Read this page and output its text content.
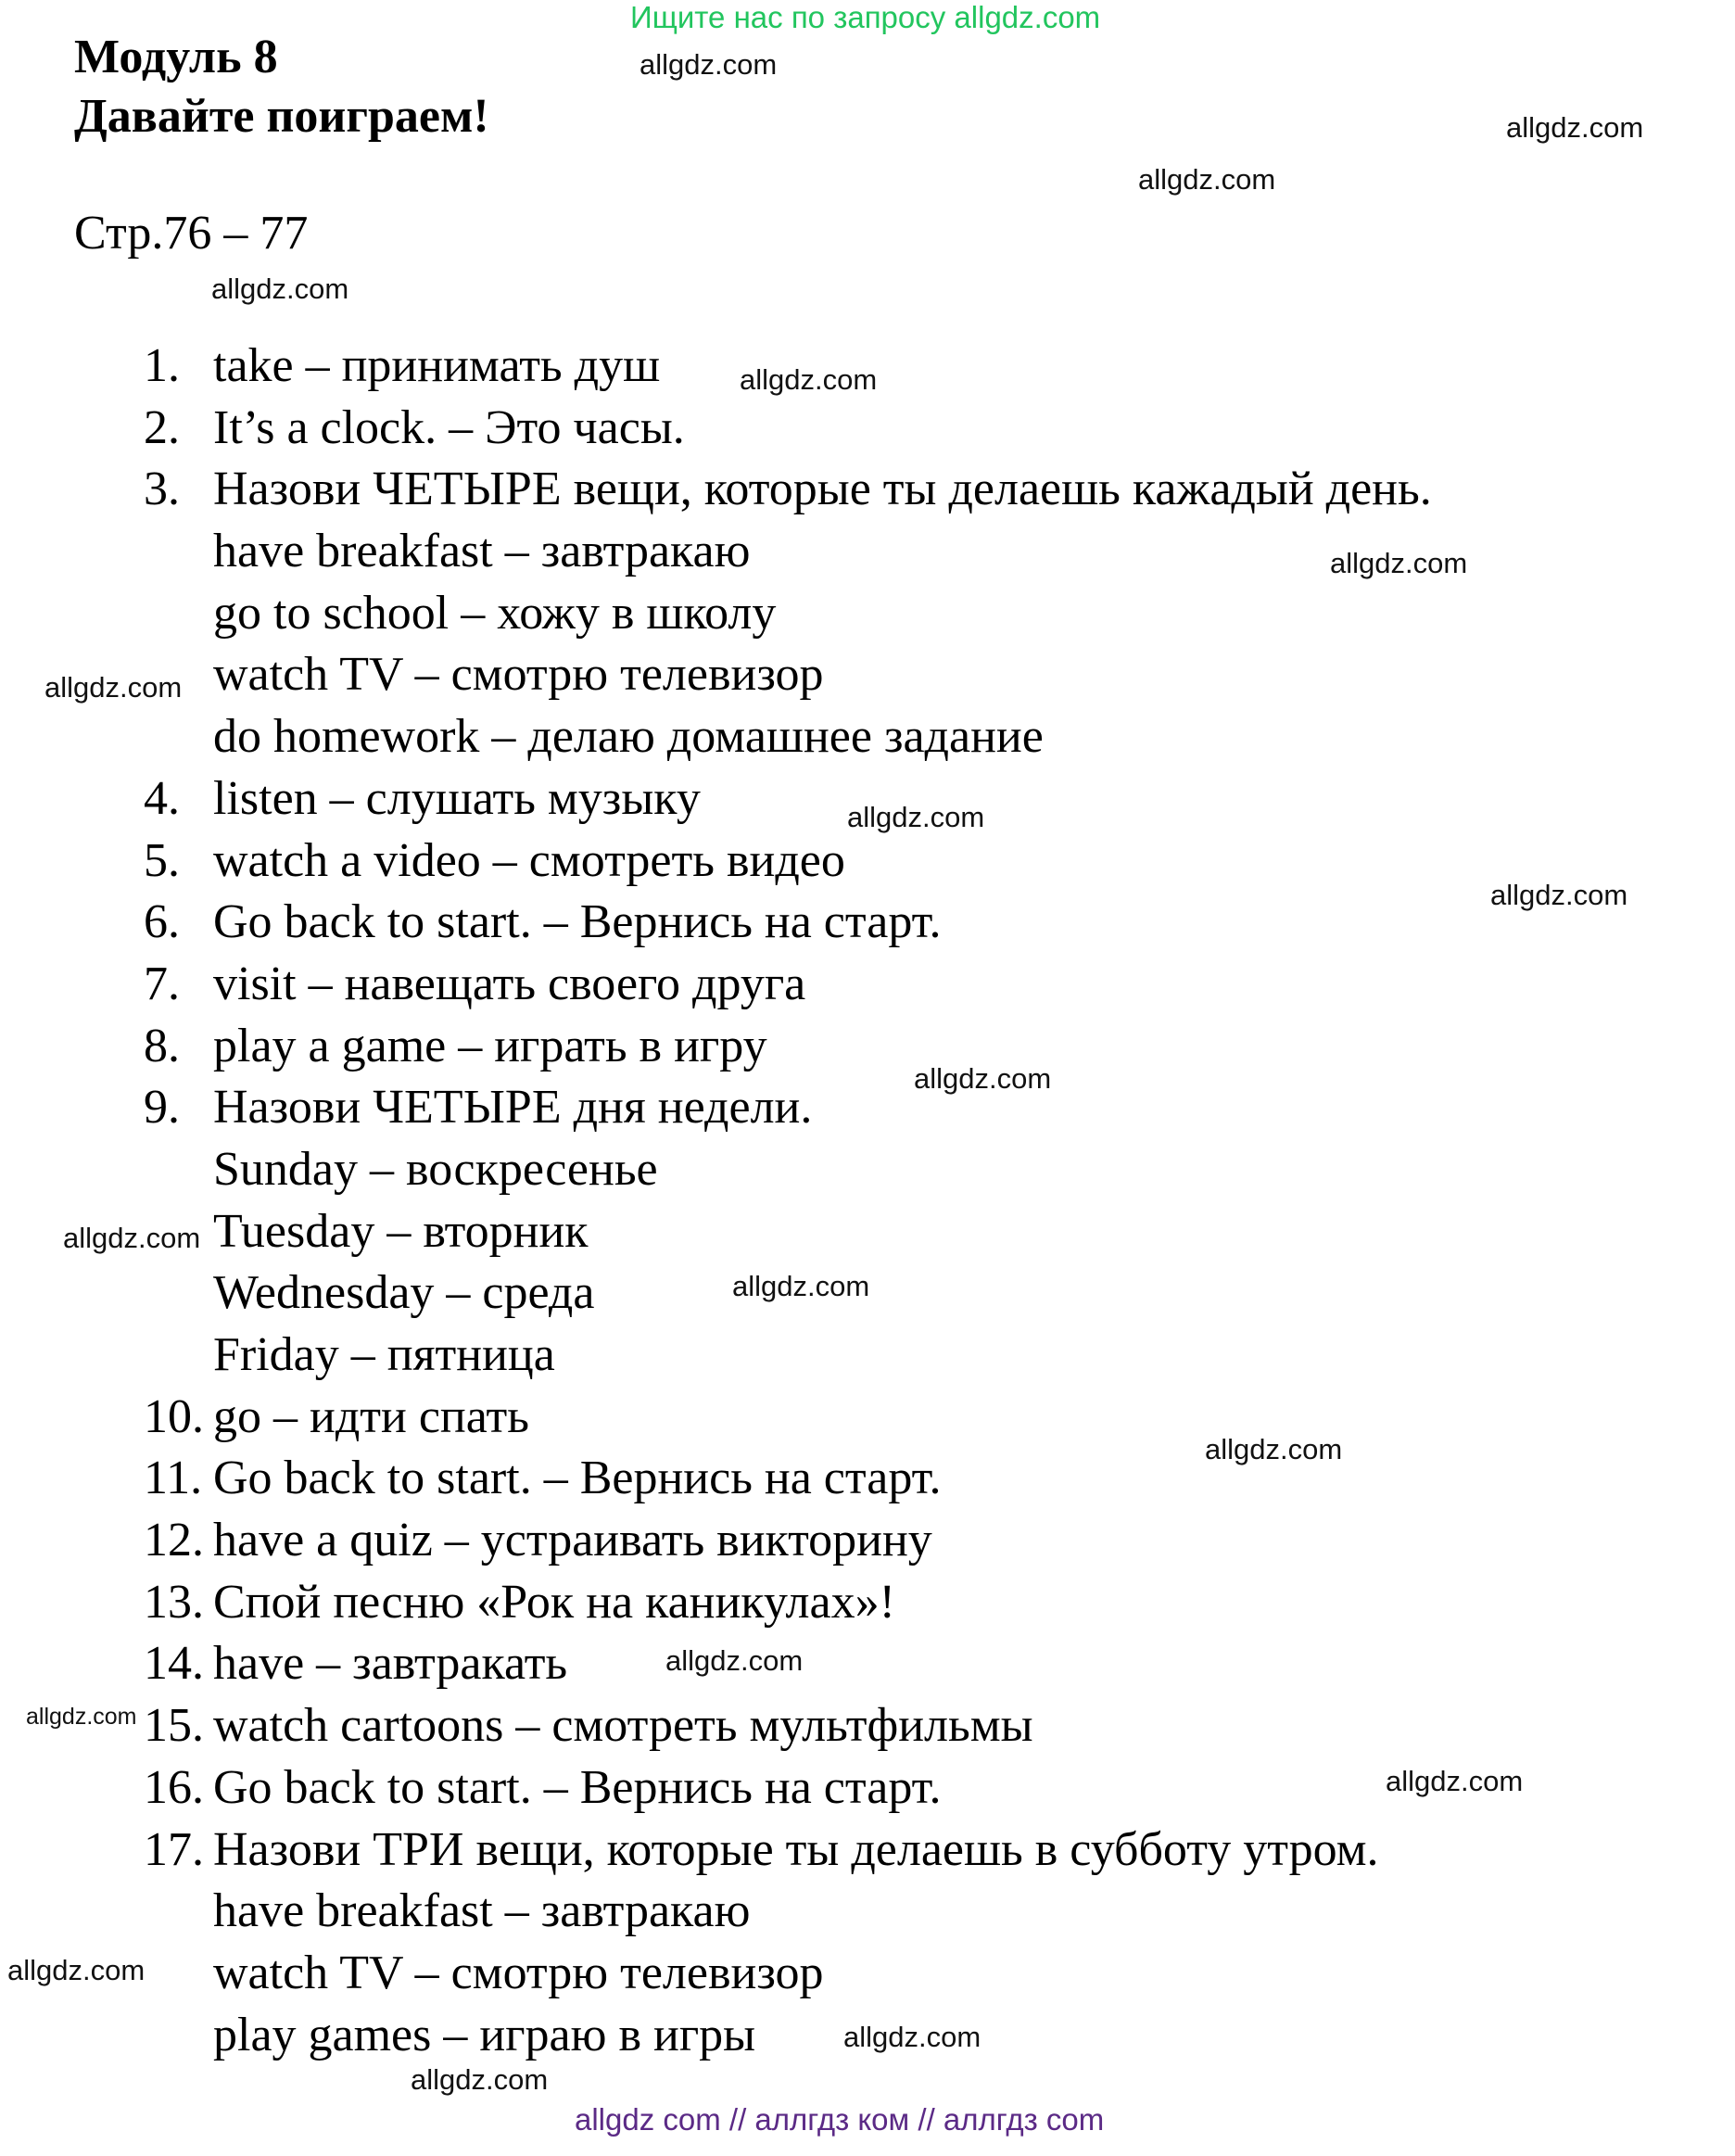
Ищите нас по запросу allgdz.com
Модуль 8
Давайте поиграем!
Стр.76 – 77
1. take – принимать душ
2. It’s a clock. – Это часы.
3. Назови ЧЕТЫРЕ вещи, которые ты делаешь кажадый день.
have breakfast – завтракаю
go to school – хожу в школу
watch TV – смотрю телевизор
do homework – делаю домашнее задание
4. listen – слушать музыку
5. watch a video – смотреть видео
6. Go back to start. – Вернись на старт.
7. visit – навещать своего друга
8. play a game – играть в игру
9. Назови ЧЕТЫРЕ дня недели.
Sunday – воскресенье
Tuesday – вторник
Wednesday – среда
Friday – пятница
10. go – идти спать
11. Go back to start. – Вернись на старт.
12. have a quiz – устраивать викторину
13. Спой песню «Рок на каникулах»!
14. have – завтракать
15. watch cartoons – смотреть мультфильмы
16. Go back to start. – Вернись на старт.
17. Назови ТРИ вещи, которые ты делаешь в субботу утром.
have breakfast – завтракаю
watch TV – смотрю телевизор
play games – играю в игры
allgdz.com
allgdz.com
allgdz.com
allgdz.com
allgdz.com
allgdz.com
allgdz.com
allgdz.com
allgdz.com
allgdz.com
allgdz.com
allgdz.com
allgdz.com
allgdz.com
allgdz.com
allgdz.com
allgdz.com
allgdz.com
allgdz.com
allgdz com // аллгдз ком // аллгдз com
